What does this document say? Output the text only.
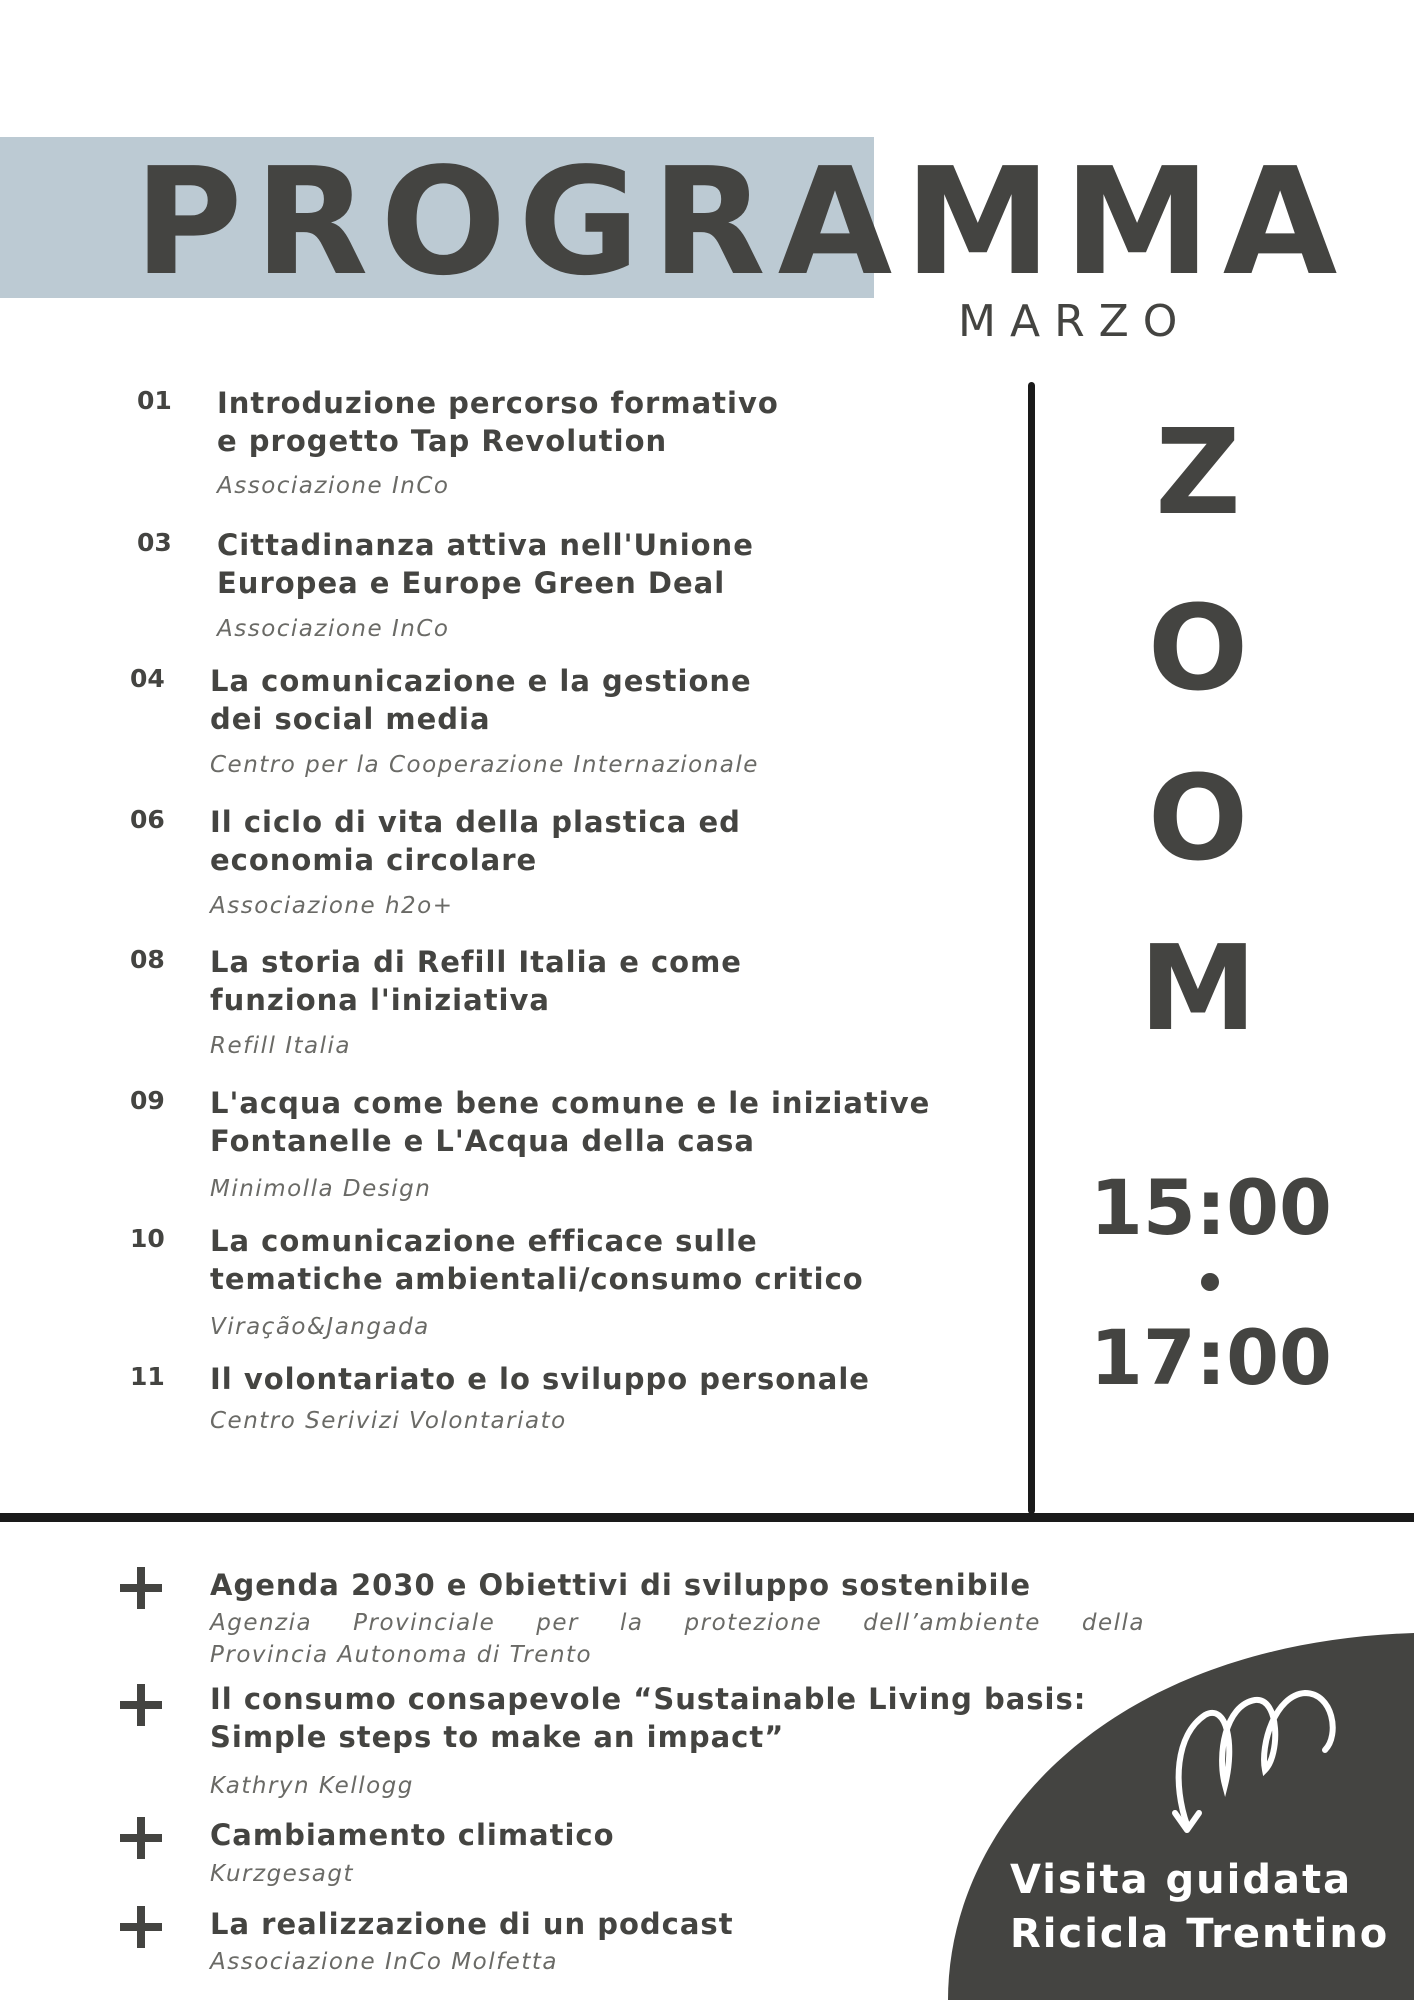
PROGRAMMA
MARZO
Z
O
O
M
15:00
17:00
01 Introduzione percorso formativo
e progetto Tap Revolution
Associazione InCo
03 Cittadinanza attiva nell'Unione
Europea e Europe Green Deal
Associazione InCo
04 La comunicazione e la gestione
dei social media
Centro per la Cooperazione Internazionale
06 Il ciclo di vita della plastica ed
economia circolare
Associazione h2o+
08 La storia di Refill Italia e come
funziona l'iniziativa
Refill Italia
09 L'acqua come bene comune e le iniziative
Fontanelle e L'Acqua della casa
Minimolla Design
10 La comunicazione efficace sulle
tematiche ambientali/consumo critico
Viração&Jangada
11 Il volontariato e lo sviluppo personale
Centro Serivizi Volontariato
Visita guidata
Ricicla Trentino
Agenda 2030 e Obiettivi di sviluppo sostenibile
Agenzia Provinciale per la protezione dell’ambiente della
Provincia Autonoma di Trento
Il consumo consapevole “Sustainable Living basis:
Simple steps to make an impact”
Kathryn Kellogg
Cambiamento climatico
Kurzgesagt
La realizzazione di un podcast
Associazione InCo Molfetta
